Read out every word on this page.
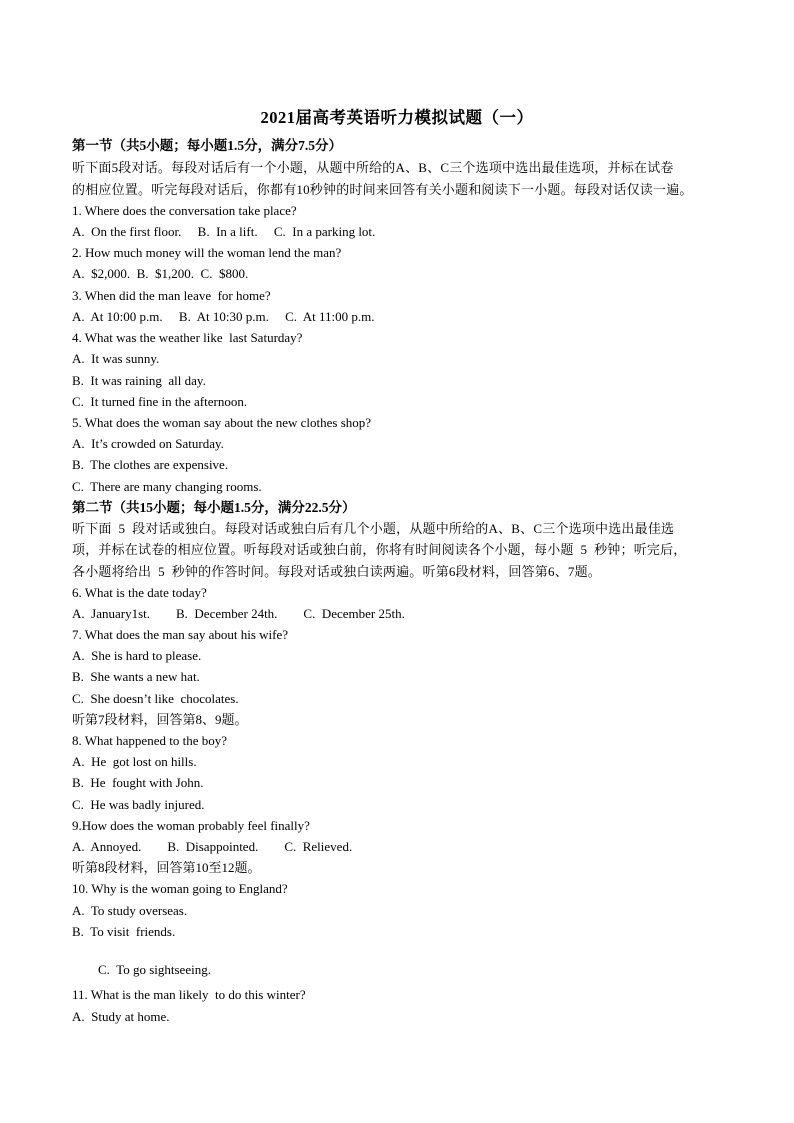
2021届高考英语听力模拟试题（一）
第一节（共5小题；每小题1.5分，满分7.5分）
听下面5段对话。每段对话后有一个小题，从题中所给的A、B、C三个选项中选出最佳选项，并标在试卷
的相应位置。听完每段对话后，你都有10秒钟的时间来回答有关小题和阅读下一小题。每段对话仅读一遍。
1. Where does the conversation take place?
A.  On the first floor.     B.  In a lift.     C.  In a parking lot.
2. How much money will the woman lend the man?
A.  $2,000.  B.  $1,200.  C.  $800.
3. When did the man leave  for home?
A.  At 10:00 p.m.     B.  At 10:30 p.m.     C.  At 11:00 p.m.
4. What was the weather like  last Saturday?
A.  It was sunny.
B.  It was raining  all day.
C.  It turned fine in the afternoon.
5. What does the woman say about the new clothes shop?
A.  It’s crowded on Saturday.
B.  The clothes are expensive.
C.  There are many changing rooms.
第二节（共15小题；每小题1.5分，满分22.5分）
听下面  5  段对话或独白。每段对话或独白后有几个小题，从题中所给的A、B、C三个选项中选出最佳选
项，并标在试卷的相应位置。听每段对话或独白前，你将有时间阅读各个小题，每小题  5  秒钟；听完后，
各小题将给出  5  秒钟的作答时间。每段对话或独白读两遍。听第6段材料，回答第6、7题。
6. What is the date today?
A.  January1st.        B.  December 24th.        C.  December 25th.
7. What does the man say about his wife?
A.  She is hard to please.
B.  She wants a new hat.
C.  She doesn’t like  chocolates.
听第7段材料，回答第8、9题。
8. What happened to the boy?
A.  He  got lost on hills.
B.  He  fought with John.
C.  He was badly injured.
9.How does the woman probably feel finally?
A.  Annoyed.        B.  Disappointed.        C.  Relieved.
听第8段材料，回答第10至12题。
10. Why is the woman going to England?
A.  To study overseas.
B.  To visit  friends.
C.  To go sightseeing.
11. What is the man likely  to do this winter?
A.  Study at home.
